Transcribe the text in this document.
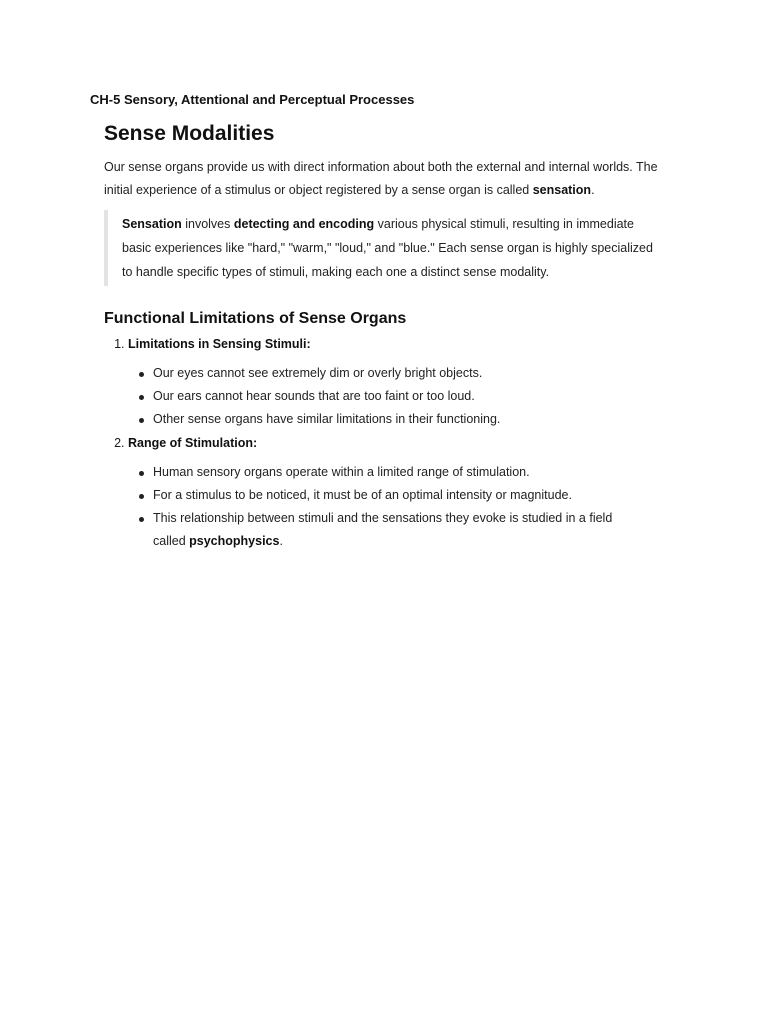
CH-5 Sensory, Attentional and Perceptual Processes
Sense Modalities

Our sense organs provide us with direct information about both the external and internal worlds. The initial experience of a stimulus or object registered by a sense organ is called sensation.

Sensation involves detecting and encoding various physical stimuli, resulting in immediate basic experiences like "hard," "warm," "loud," and "blue." Each sense organ is highly specialized to handle specific types of stimuli, making each one a distinct sense modality.
Functional Limitations of Sense Organs
1. Limitations in Sensing Stimuli:
Our eyes cannot see extremely dim or overly bright objects.
Our ears cannot hear sounds that are too faint or too loud.
Other sense organs have similar limitations in their functioning.
2. Range of Stimulation:
Human sensory organs operate within a limited range of stimulation.
For a stimulus to be noticed, it must be of an optimal intensity or magnitude.
This relationship between stimuli and the sensations they evoke is studied in a field called psychophysics.
